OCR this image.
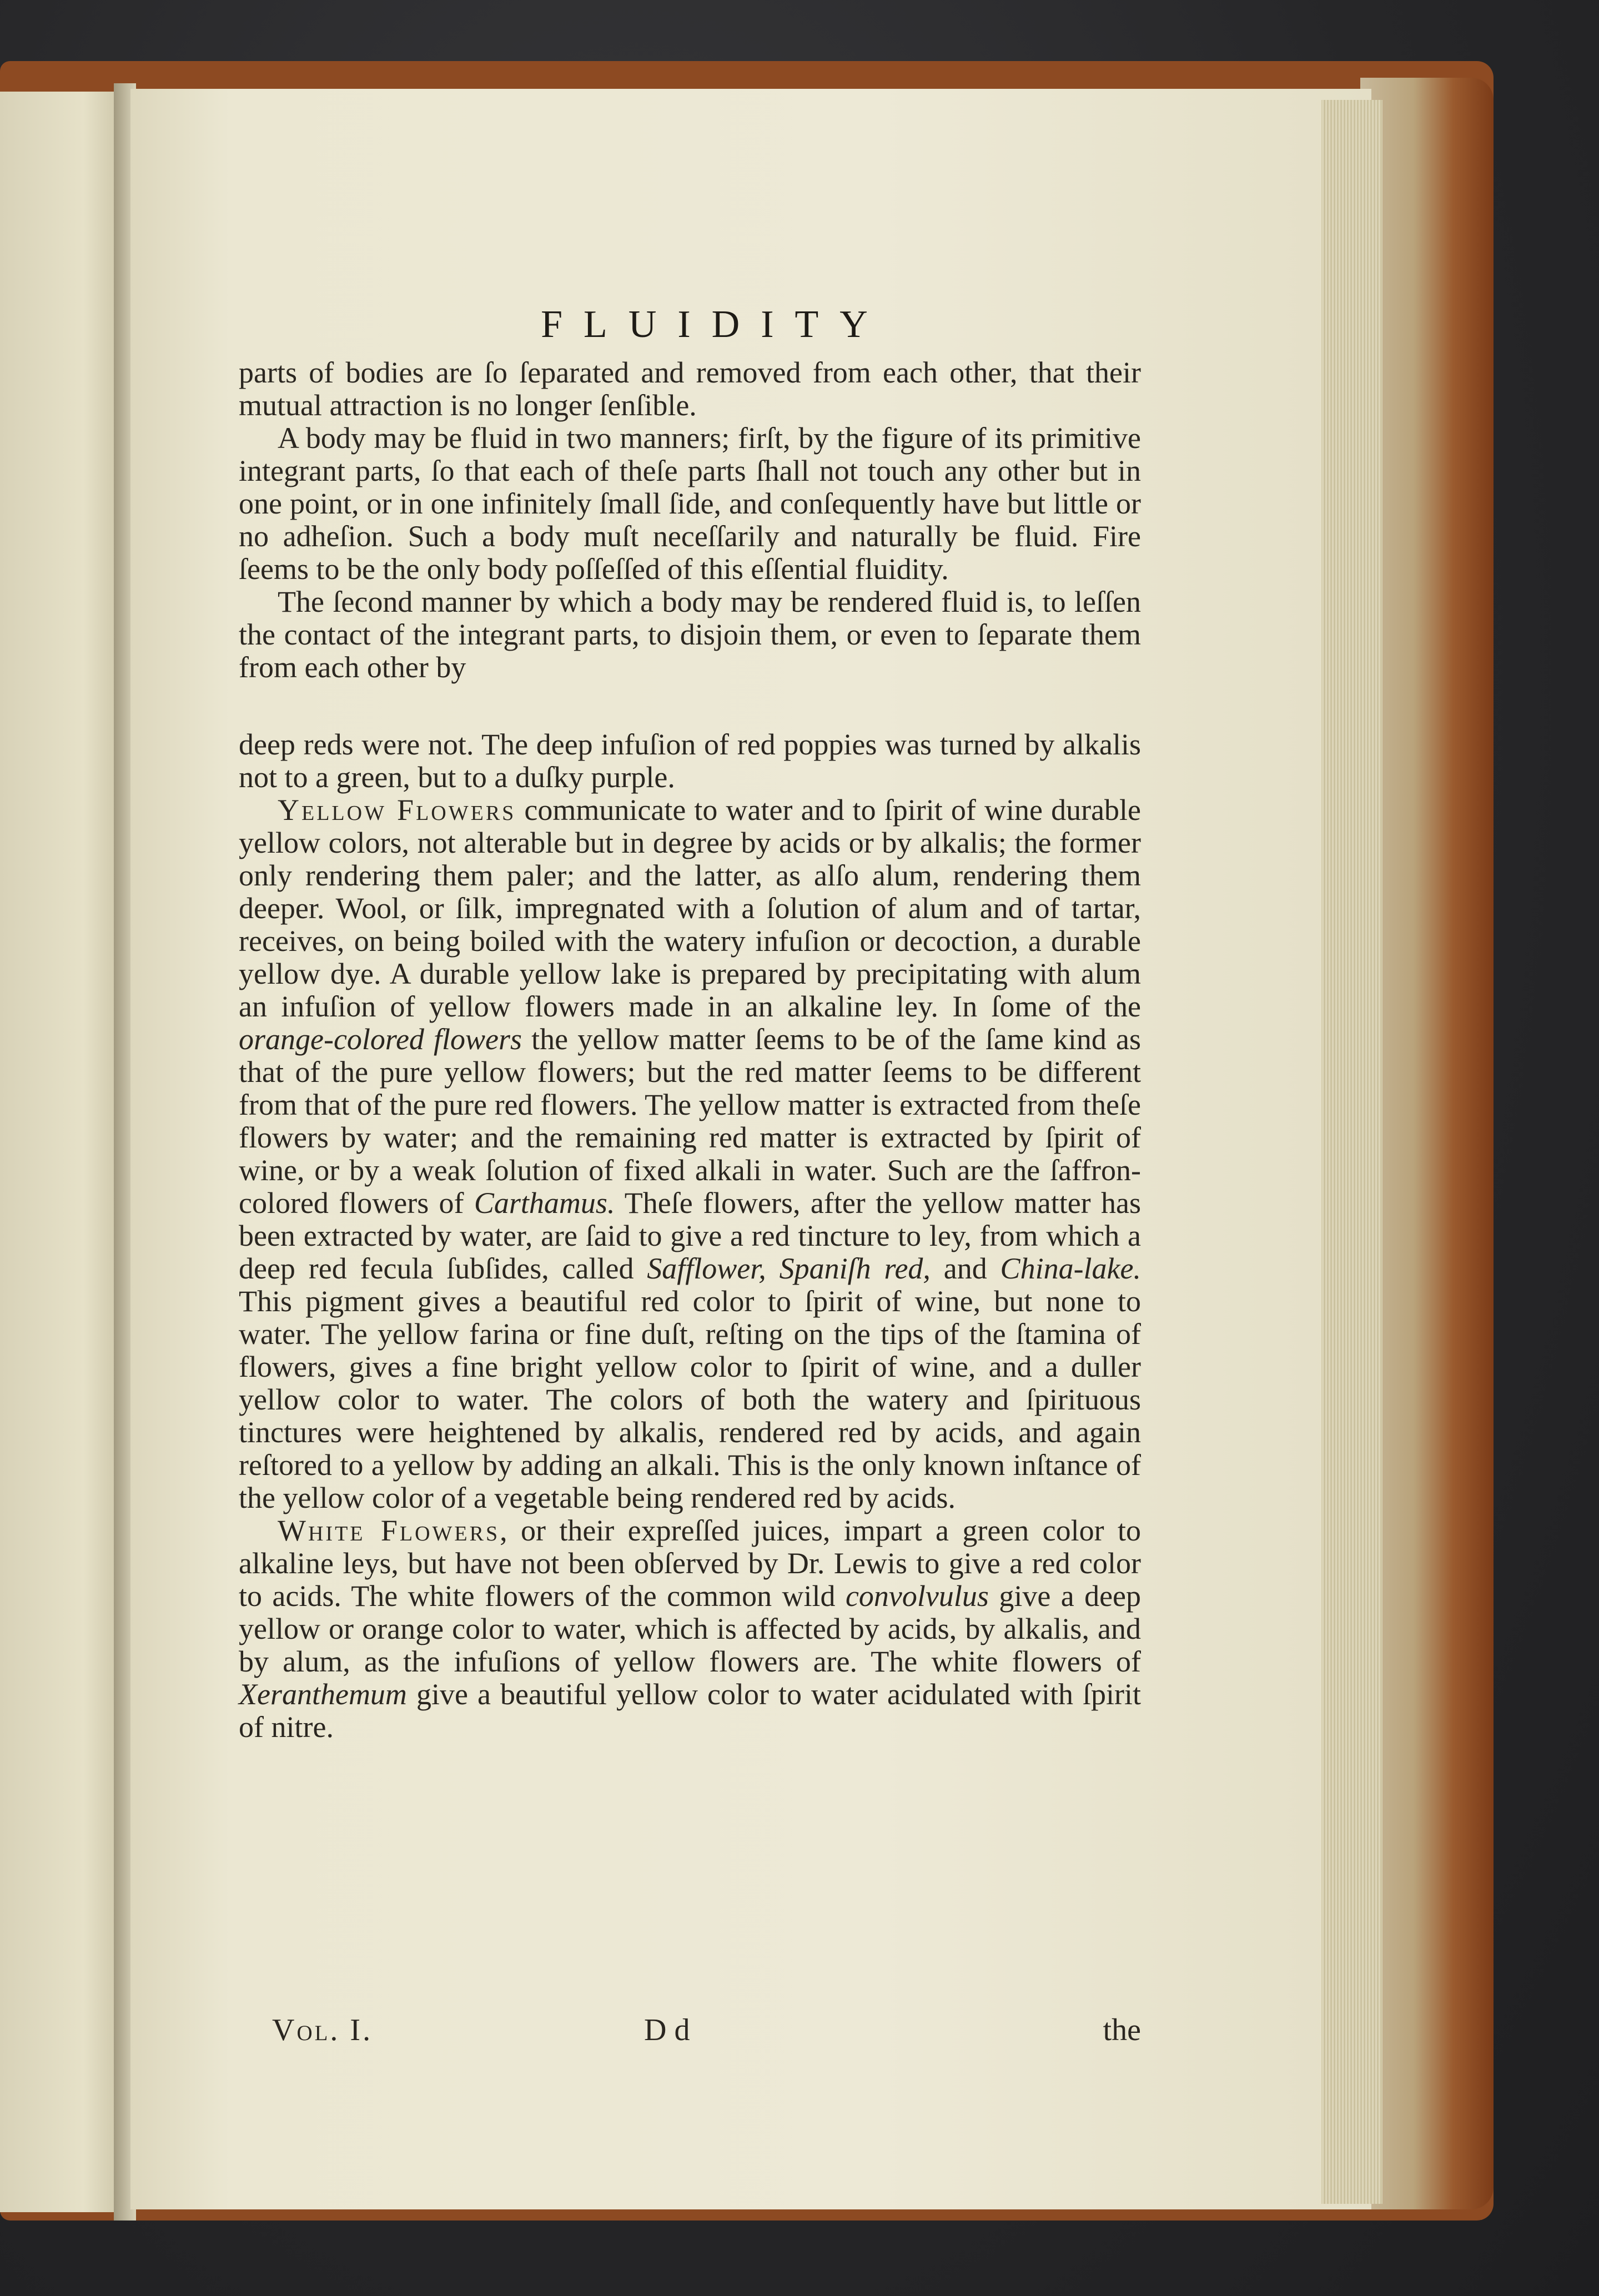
FLUIDITY

parts of bodies are ſo ſeparated and removed from each other, that their mutual attraction is no longer ſenſible.

A body may be fluid in two manners; firſt, by the figure of its primitive integrant parts, ſo that each of theſe parts ſhall not touch any other but in one point, or in one infinitely ſmall ſide, and conſequently have but little or no adheſion. Such a body muſt neceſſarily and naturally be fluid. Fire ſeems to be the only body poſſeſſed of this eſſential fluidity.

The ſecond manner by which a body may be rendered fluid is, to leſſen the contact of the integrant parts, to disjoin them, or even to ſeparate them from each other by

deep reds were not. The deep infuſion of red poppies was turned by alkalis not to a green, but to a duſky purple.

Yellow Flowers communicate to water and to ſpirit of wine durable yellow colors, not alterable but in degree by acids or by alkalis; the former only rendering them paler; and the latter, as alſo alum, rendering them deeper. Wool, or ſilk, impregnated with a ſolution of alum and of tartar, receives, on being boiled with the watery infuſion or decoction, a durable yellow dye. A durable yellow lake is prepared by precipitating with alum an infuſion of yellow flowers made in an alkaline ley. In ſome of the orange-colored flowers the yellow matter ſeems to be of the ſame kind as that of the pure yellow flowers; but the red matter ſeems to be different from that of the pure red flowers. The yellow matter is extracted from theſe flowers by water; and the remaining red matter is extracted by ſpirit of wine, or by a weak ſolution of fixed alkali in water. Such are the ſaffron-colored flowers of Carthamus. Theſe flowers, after the yellow matter has been extracted by water, are ſaid to give a red tincture to ley, from which a deep red fecula ſubſides, called Safflower, Spaniſh red, and China-lake. This pigment gives a beautiful red color to ſpirit of wine, but none to water. The yellow farina or fine duſt, reſting on the tips of the ſtamina of flowers, gives a fine bright yellow color to ſpirit of wine, and a duller yellow color to water. The colors of both the watery and ſpirituous tinctures were heightened by alkalis, rendered red by acids, and again reſtored to a yellow by adding an alkali. This is the only known inſtance of the yellow color of a vegetable being rendered red by acids.

White Flowers, or their expreſſed juices, impart a green color to alkaline leys, but have not been obſerved by Dr. Lewis to give a red color to acids. The white flowers of the common wild convolvulus give a deep yellow or orange color to water, which is affected by acids, by alkalis, and by alum, as the infuſions of yellow flowers are. The white flowers of Xeranthemum give a beautiful yellow color to water acidulated with ſpirit of nitre.

Vol. I.	D d	the
